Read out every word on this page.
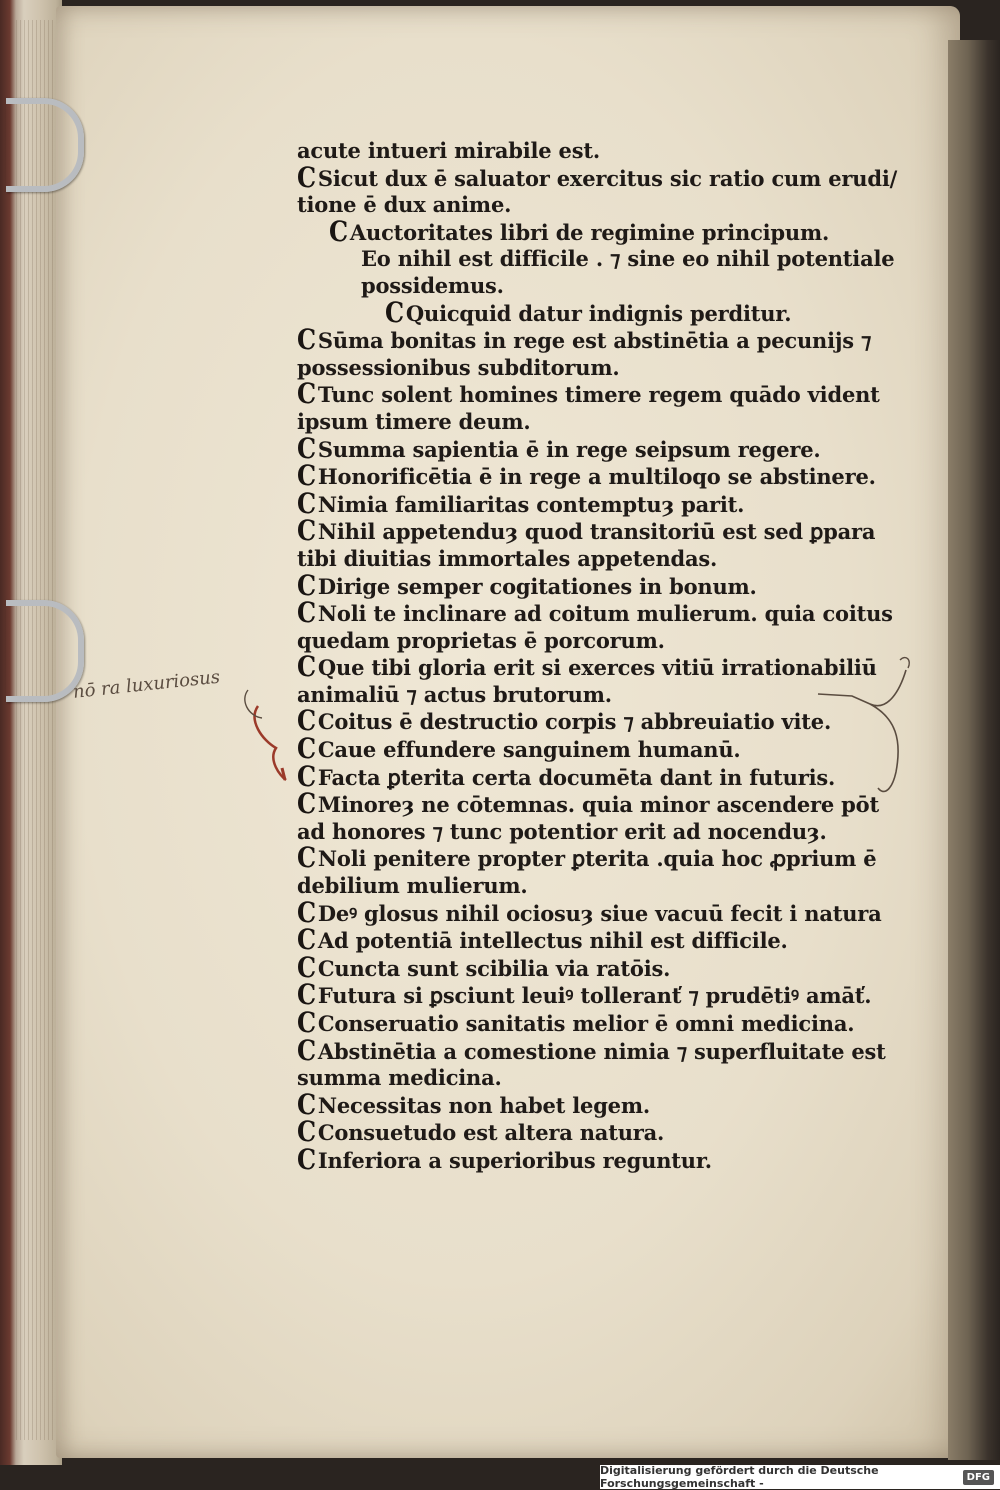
acute intueri mirabile est.
CSicut dux ē saluator exercitus sic ratio cum erudi/
tione ē dux anime.
CAuctoritates libri de regimine principum.
Eo nihil est difficile . ⁊ sine eo nihil potentiale
possidemus.
CQuicquid datur indignis perditur.
CSūma bonitas in rege est abstinētia a pecunijs ⁊
possessionibus subditorum.
CTunc solent homines timere regem quādo vident
ipsum timere deum.
CSumma sapientia ē in rege seipsum regere.
CHonorificētia ē in rege a multiloqo se abstinere.
CNimia familiaritas contemptuȝ parit.
CNihil appetenduȝ quod transitoriū est sed ꝑpara
tibi diuitias immortales appetendas.
CDirige semper cogitationes in bonum.
CNoli te inclinare ad coitum mulierum. quia coitus
quedam proprietas ē porcorum.
CQue tibi gloria erit si exerces vitiū irrationabiliū
animaliū ⁊ actus brutorum.
CCoitus ē destructio corpis ⁊ abbreuiatio vite.
CCaue effundere sanguinem humanū.
CFacta ꝑterita certa documēta dant in futuris.
CMinoreȝ ne cōtemnas. quia minor ascendere pōt
ad honores ⁊ tunc potentior erit ad nocenduȝ.
CNoli penitere propter ꝑterita .quia hoc ꝓprium ē
debilium mulierum.
CDeꝰ glosus nihil ociosuȝ siue vacuū fecit i natura
CAd potentiā intellectus nihil est difficile.
CCuncta sunt scibilia via ratōis.
CFutura si ꝑsciunt leuiꝰ tolleranť ⁊ prudētiꝰ amāť.
CConseruatio sanitatis melior ē omni medicina.
CAbstinētia a comestione nimia ⁊ superfluitate est
summa medicina.
CNecessitas non habet legem.
CConsuetudo est altera natura.
CInferiora a superioribus reguntur.
nō ra luxuriosus
Digitalisierung gefördert durch die Deutsche Forschungsgemeinschaft -	DFG
